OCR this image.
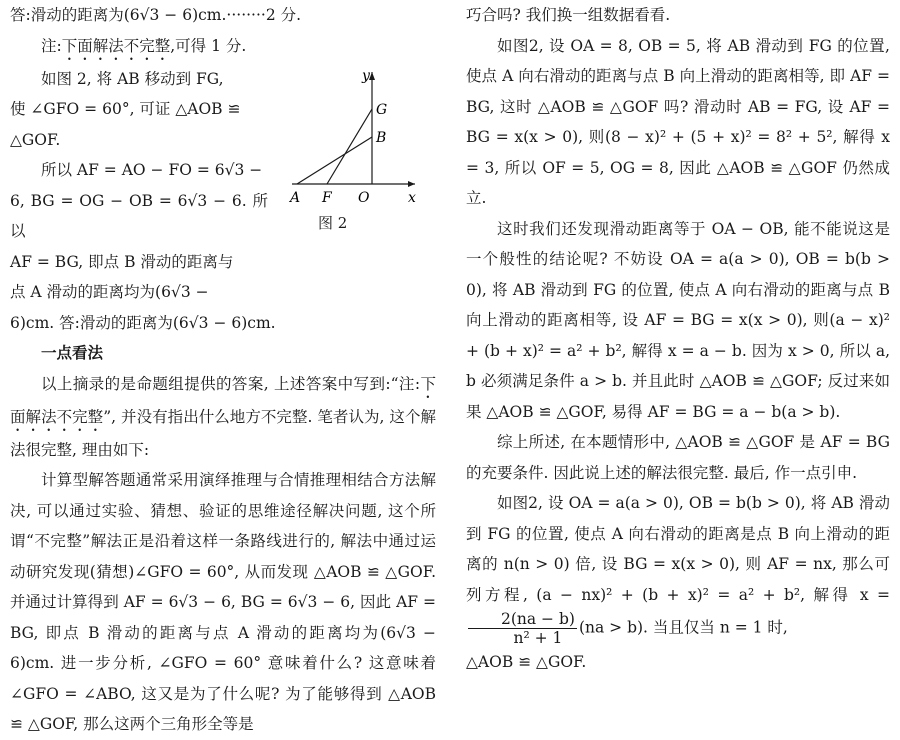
答:滑动的距离为(6√3 − 6)cm.········2 分.

注:下面解法不完整,可得 1 分.

如图 2, 将 AB 移动到 FG,

使 ∠GFO = 60°, 可证 △AOB ≌

△GOF.

所以 AF = AO − FO = 6√3 −

6, BG = OG − OB = 6√3 − 6. 所以

AF = BG, 即点 B 滑动的距离与

点 A 滑动的距离均为(6√3 −

6)cm. 答:滑动的距离为(6√3 − 6)cm.

一点看法

以上摘录的是命题组提供的答案, 上述答案中写到:“注:下面解法不完整”, 并没有指出什么地方不完整. 笔者认为, 这个解法很完整, 理由如下:

计算型解答题通常采用演绎推理与合情推理相结合方法解决, 可以通过实验、猜想、验证的思维途径解决问题, 这个所谓“不完整”解法正是沿着这样一条路线进行的, 解法中通过运动研究发现(猜想)∠GFO = 60°, 从而发现 △AOB ≌ △GOF. 并通过计算得到 AF = 6√3 − 6, BG = 6√3 − 6, 因此 AF = BG, 即点 B 滑动的距离与点 A 滑动的距离均为(6√3 − 6)cm. 进一步分析, ∠GFO = 60° 意味着什么? 这意味着 ∠GFO = ∠ABO, 这又是为了什么呢? 为了能够得到 △AOB ≌ △GOF, 那么这两个三角形全等是

y
x
G
B
A F O
图 2

巧合吗? 我们换一组数据看看.

如图2, 设 OA = 8, OB = 5, 将 AB 滑动到 FG 的位置, 使点 A 向右滑动的距离与点 B 向上滑动的距离相等, 即 AF = BG, 这时 △AOB ≌ △GOF 吗? 滑动时 AB = FG, 设 AF = BG = x(x > 0), 则(8 − x)² + (5 + x)² = 8² + 5², 解得 x = 3, 所以 OF = 5, OG = 8, 因此 △AOB ≌ △GOF 仍然成立.

这时我们还发现滑动距离等于 OA − OB, 能不能说这是一个般性的结论呢? 不妨设 OA = a(a > 0), OB = b(b > 0), 将 AB 滑动到 FG 的位置, 使点 A 向右滑动的距离与点 B 向上滑动的距离相等, 设 AF = BG = x(x > 0), 则(a − x)² + (b + x)² = a² + b², 解得 x = a − b. 因为 x > 0, 所以 a, b 必须满足条件 a > b. 并且此时 △AOB ≌ △GOF; 反过来如果 △AOB ≌ △GOF, 易得 AF = BG = a − b(a > b).

综上所述, 在本题情形中, △AOB ≌ △GOF 是 AF = BG 的充要条件. 因此说上述的解法很完整. 最后, 作一点引申.

如图2, 设 OA = a(a > 0), OB = b(b > 0), 将 AB 滑动到 FG 的位置, 使点 A 向右滑动的距离是点 B 向上滑动的距离的 n(n > 0) 倍, 设 BG = x(x > 0), 则 AF = nx, 那么可列方程, (a − nx)² + (b + x)² = a² + b², 解得 x =
$\frac{2(na - b)}{\text{n² + 1}} (na > b)$. 当且仅当 n = 1 时,

△AOB ≌ △GOF.
